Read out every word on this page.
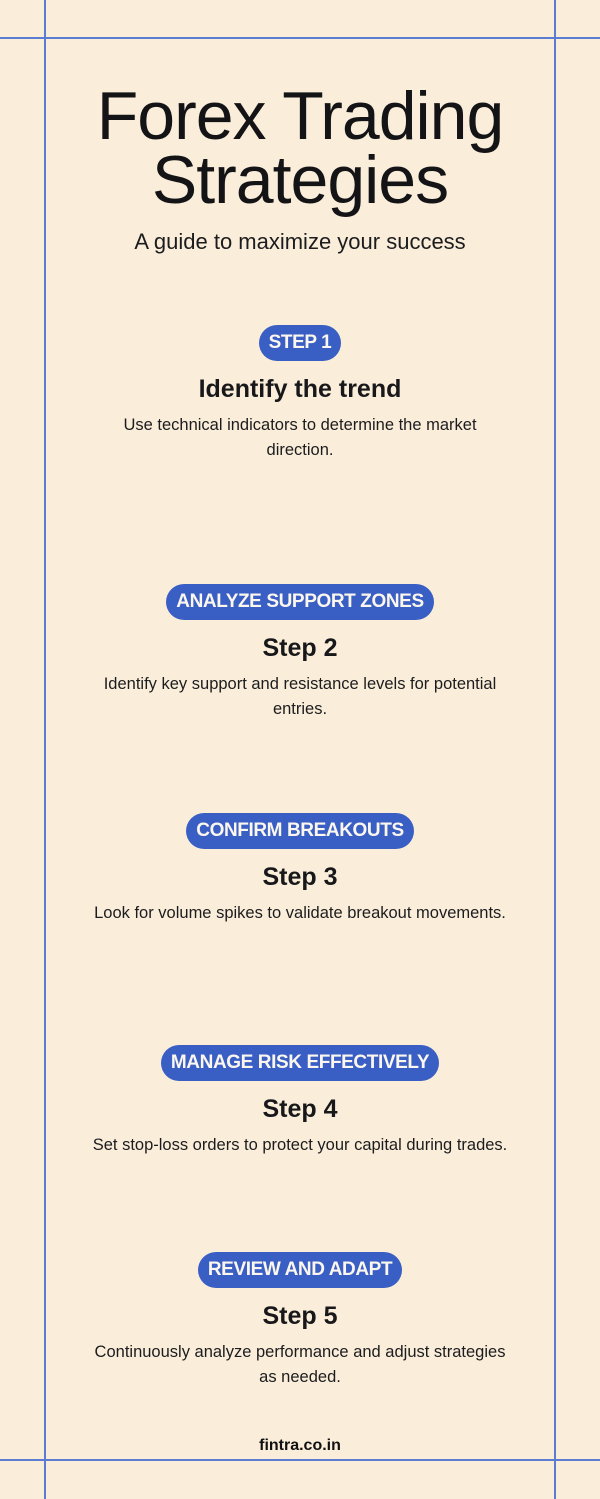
Forex Trading
Strategies
A guide to maximize your success
STEP 1
Identify the trend
Use technical indicators to determine the market direction.
ANALYZE SUPPORT ZONES
Step 2
Identify key support and resistance levels for potential entries.
CONFIRM BREAKOUTS
Step 3
Look for volume spikes to validate breakout movements.
MANAGE RISK EFFECTIVELY
Step 4
Set stop-loss orders to protect your capital during trades.
REVIEW AND ADAPT
Step 5
Continuously analyze performance and adjust strategies as needed.
fintra.co.in
